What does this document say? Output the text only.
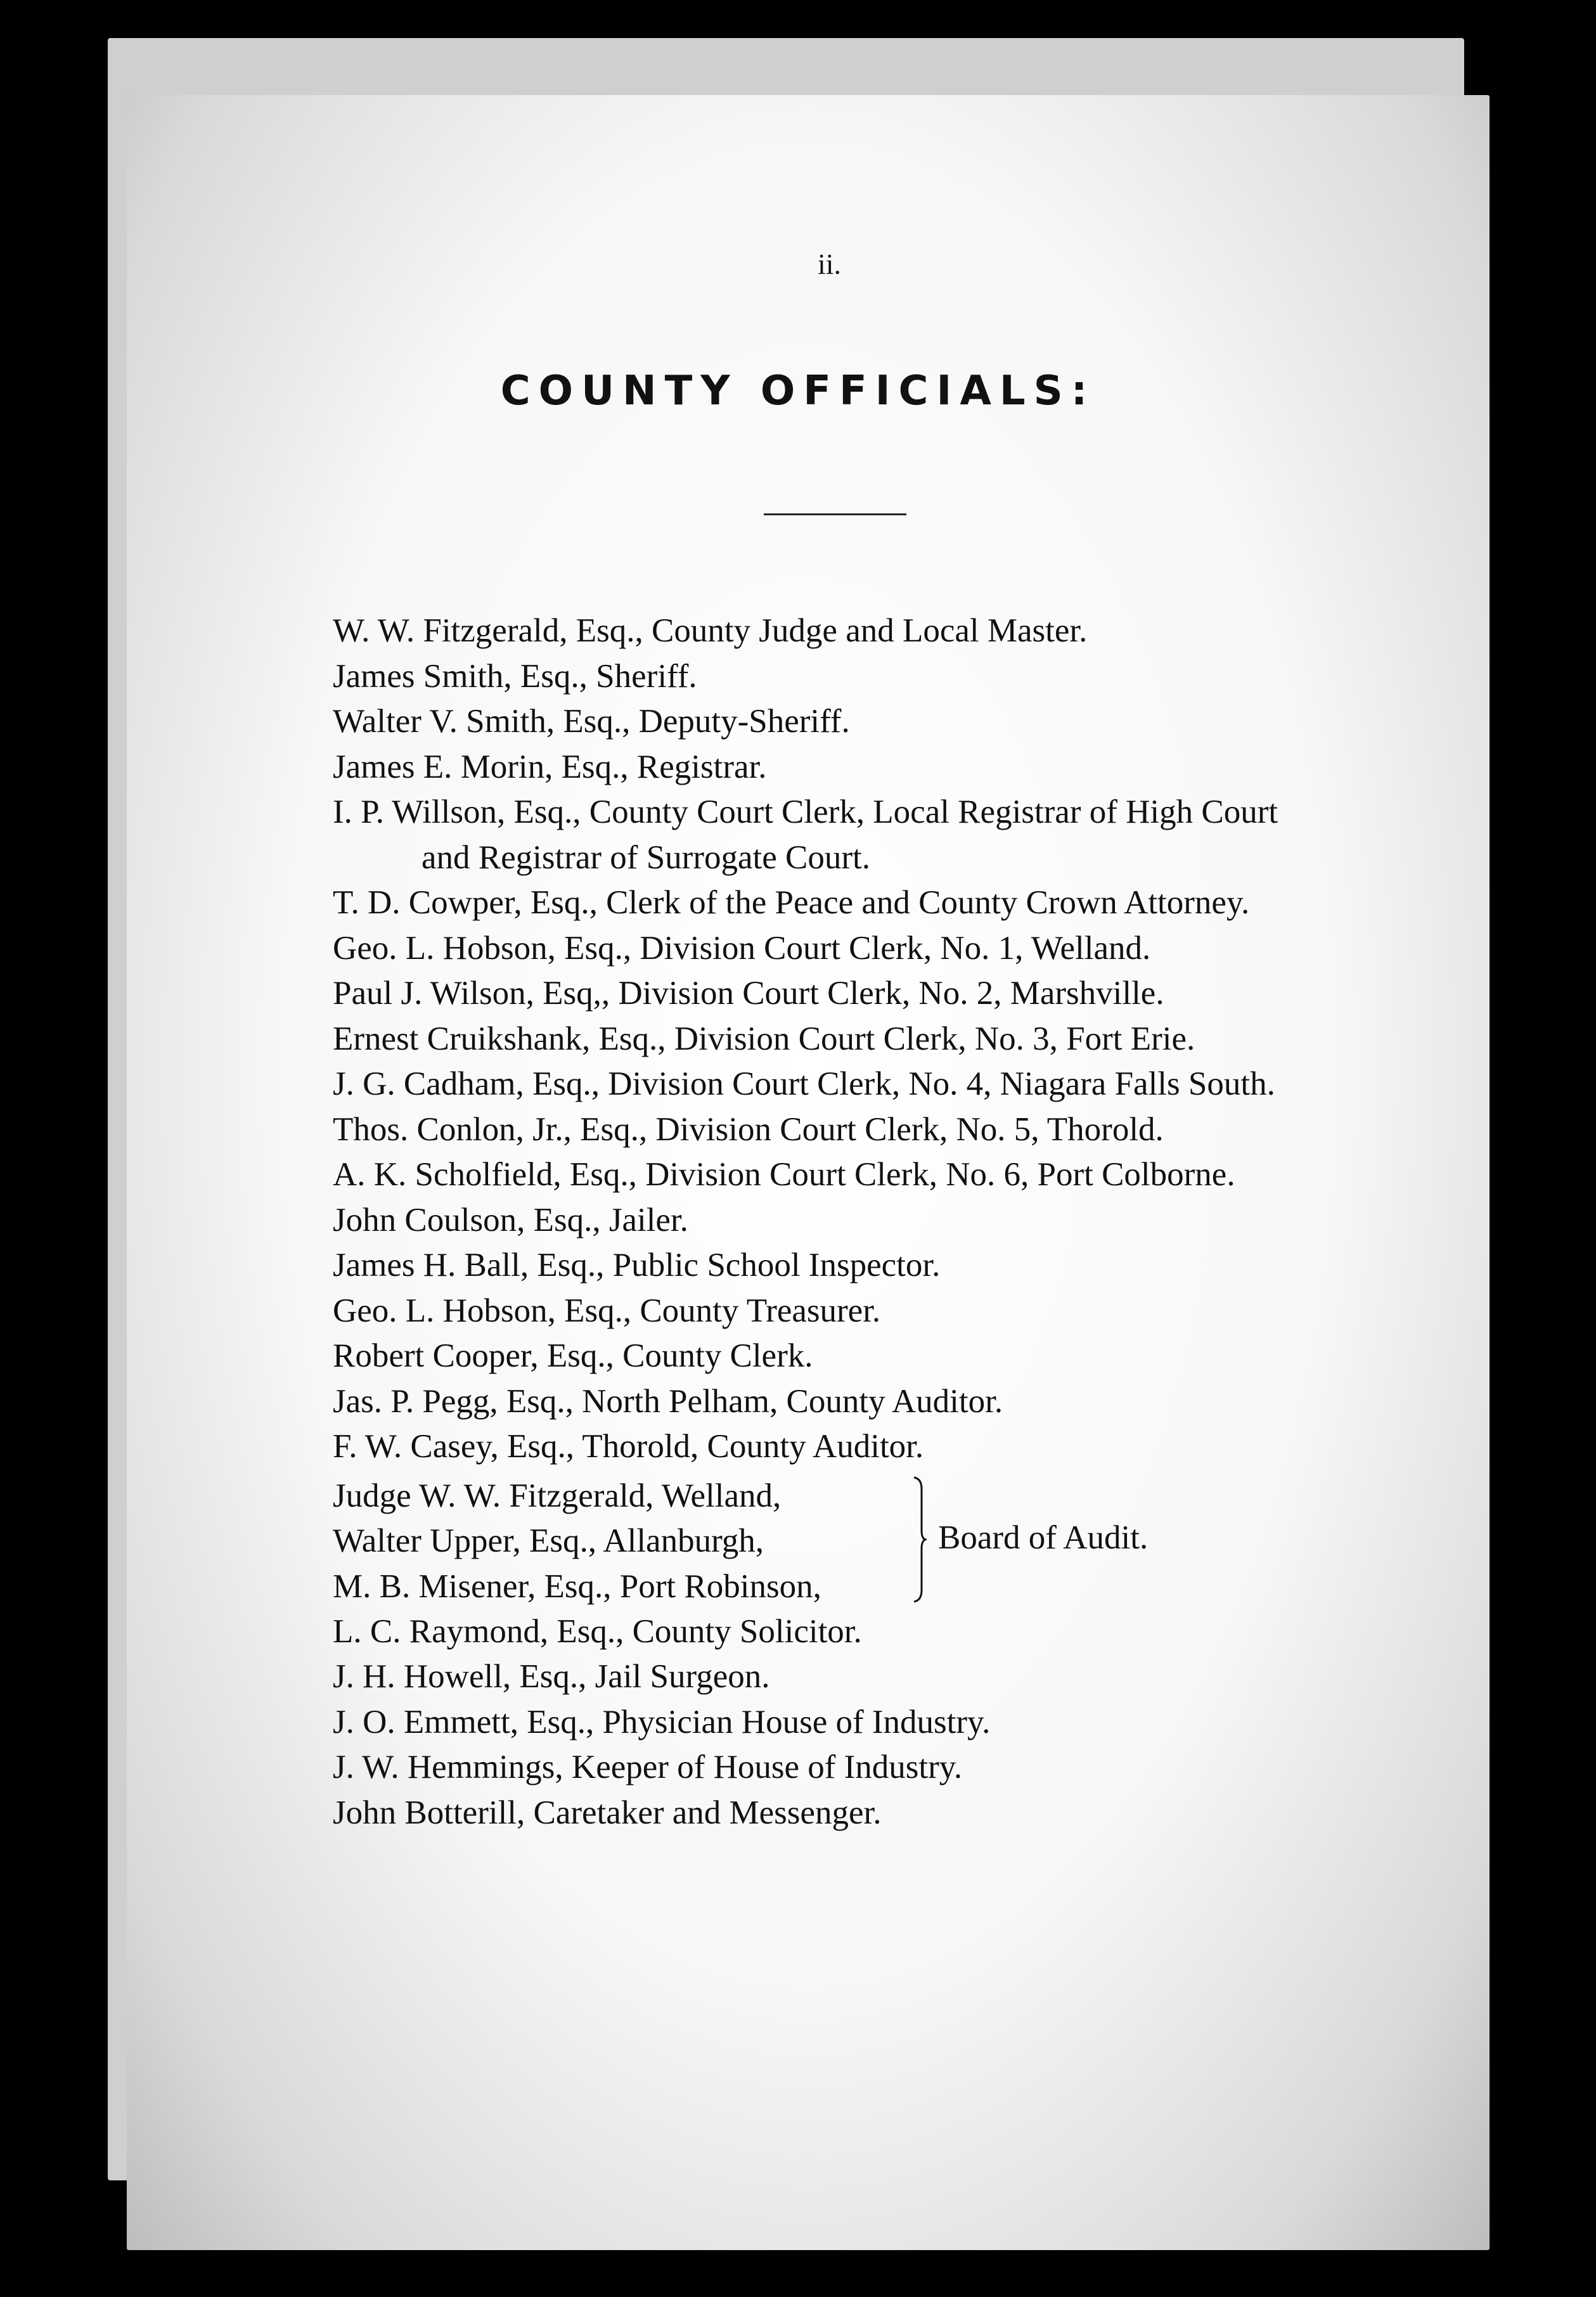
ii.
COUNTY OFFICIALS:
W. W. Fitzgerald, Esq., County Judge and Local Master.
James Smith, Esq., Sheriff.
Walter V. Smith, Esq., Deputy-Sheriff.
James E. Morin, Esq., Registrar.
I. P. Willson, Esq., County Court Clerk, Local Registrar of High Court
and Registrar of Surrogate Court.
T. D. Cowper, Esq., Clerk of the Peace and County Crown Attorney.
Geo. L. Hobson, Esq., Division Court Clerk, No. 1, Welland.
Paul J. Wilson, Esq,, Division Court Clerk, No. 2, Marshville.
Ernest Cruikshank, Esq., Division Court Clerk, No. 3, Fort Erie.
J. G. Cadham, Esq., Division Court Clerk, No. 4, Niagara Falls South.
Thos. Conlon, Jr., Esq., Division Court Clerk, No. 5, Thorold.
A. K. Scholfield, Esq., Division Court Clerk, No. 6, Port Colborne.
John Coulson, Esq., Jailer.
James H. Ball, Esq., Public School Inspector.
Geo. L. Hobson, Esq., County Treasurer.
Robert Cooper, Esq., County Clerk.
Jas. P. Pegg, Esq., North Pelham, County Auditor.
F. W. Casey, Esq., Thorold, County Auditor.
Judge W. W. Fitzgerald, Welland,
Walter Upper, Esq., Allanburgh,
M. B. Misener, Esq., Port Robinson,
Board of Audit.
L. C. Raymond, Esq., County Solicitor.
J. H. Howell, Esq., Jail Surgeon.
J. O. Emmett, Esq., Physician House of Industry.
J. W. Hemmings, Keeper of House of Industry.
John Botterill, Caretaker and Messenger.
